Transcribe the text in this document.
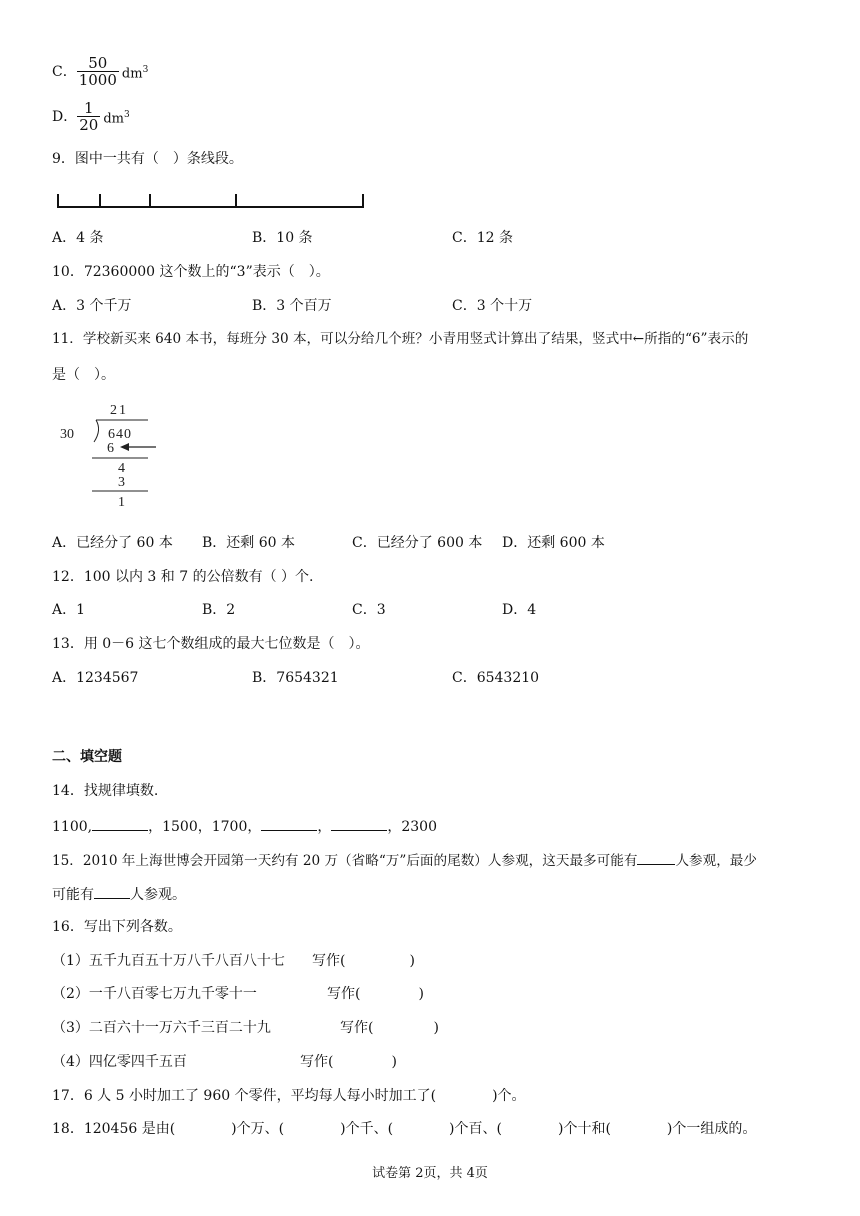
C． $\frac{50}{1000} dm^3$
D． $\frac{1}{20} dm^3$
9．图中一共有（　）条线段。
A．4 条	B．10 条	C．12 条
10．72360000 这个数上的“3”表示（　）。
A．3 个千万	B．3 个百万	C．3 个十万
11．学校新买来 640 本书，每班分 30 本，可以分给几个班？小青用竖式计算出了结果，竖式中←所指的“6”表示的
是（　）。
21
30 640
6
4
3
1
A．已经分了 60 本 B．还剩 60 本	C．已经分了 600 本 D．还剩 600 本
12．100 以内 3 和 7 的公倍数有（ ）个.
A．1	B．2	C．3	D．4
13．用 0－6 这七个数组成的最大七位数是（　）。
A．1234567	B．7654321	C．6543210
二、填空题
14．找规律填数.
1100,	，1500，1700，	，	，2300
15．2010 年上海世博会开园第一天约有 20 万（省略“万”后面的尾数）人参观，这天最多可能有	人参观，最少
可能有	人参观。
16．写出下列各数。
（1）五千九百五十万八千八百八十七 写作(	)
（2）一千八百零七万九千零十一	写作(	)
（3）二百六十一万六千三百二十九	写作(	)
（4）四亿零四千五百	写作(	)
17．6 人 5 小时加工了 960 个零件，平均每人每小时加工了(	)个。
18．120456 是由(	)个万、(	)个千、(	)个百、(	)个十和(	)个一组成的。
试卷第 2页，共 4页
